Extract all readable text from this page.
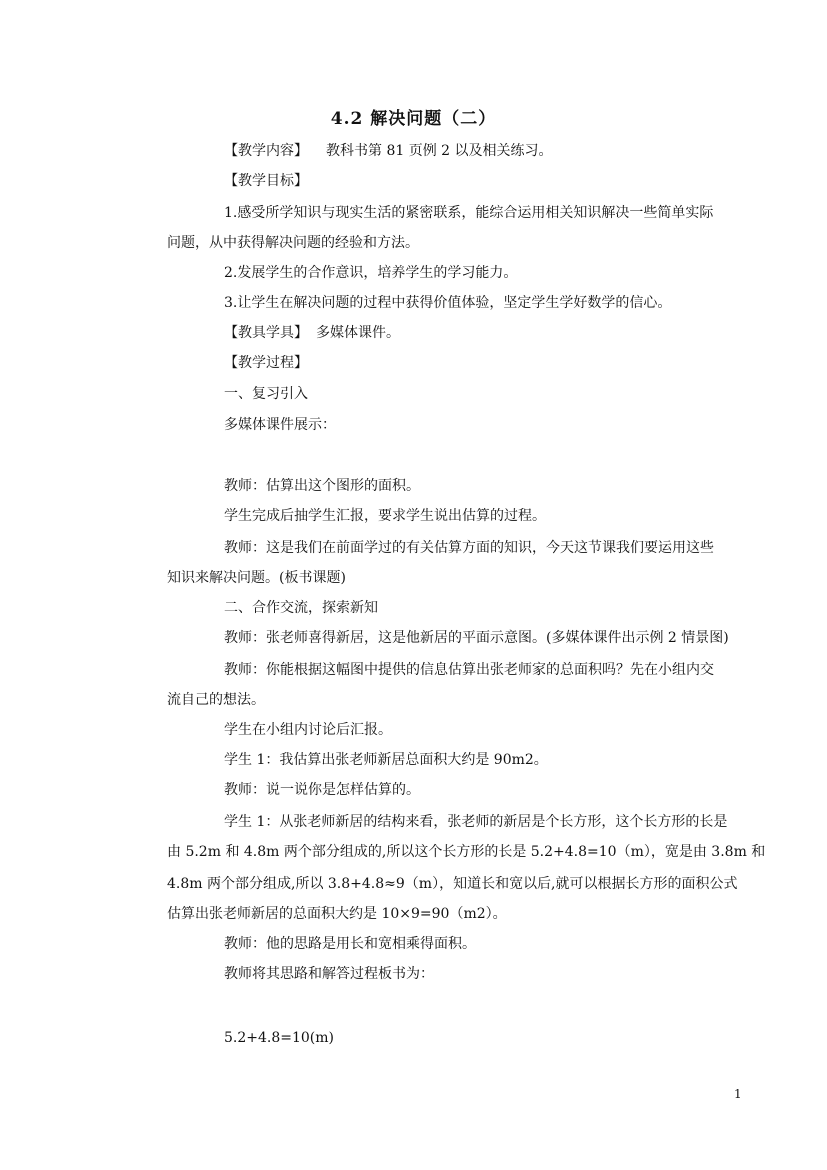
4.2 解决问题（二）
【教学内容】 教科书第 81 页例 2 以及相关练习。
【教学目标】
1.感受所学知识与现实生活的紧密联系，能综合运用相关知识解决一些简单实际
问题，从中获得解决问题的经验和方法。
2.发展学生的合作意识，培养学生的学习能力。
3.让学生在解决问题的过程中获得价值体验，坚定学生学好数学的信心。
【教具学具】 多媒体课件。
【教学过程】
一、复习引入
多媒体课件展示：
教师：估算出这个图形的面积。
学生完成后抽学生汇报，要求学生说出估算的过程。
教师：这是我们在前面学过的有关估算方面的知识，今天这节课我们要运用这些
知识来解决问题。(板书课题)
二、合作交流，探索新知
教师：张老师喜得新居，这是他新居的平面示意图。(多媒体课件出示例 2 情景图)
教师：你能根据这幅图中提供的信息估算出张老师家的总面积吗？先在小组内交
流自己的想法。
学生在小组内讨论后汇报。
学生 1：我估算出张老师新居总面积大约是 90m2。
教师：说一说你是怎样估算的。
学生 1：从张老师新居的结构来看，张老师的新居是个长方形，这个长方形的长是
由 5.2m 和 4.8m 两个部分组成的,所以这个长方形的长是 5.2+4.8=10（m），宽是由 3.8m 和
4.8m 两个部分组成,所以 3.8+4.8≈9（m），知道长和宽以后,就可以根据长方形的面积公式
估算出张老师新居的总面积大约是 10×9=90（m2）。
教师：他的思路是用长和宽相乘得面积。
教师将其思路和解答过程板书为：
5.2+4.8=10(m)
1
